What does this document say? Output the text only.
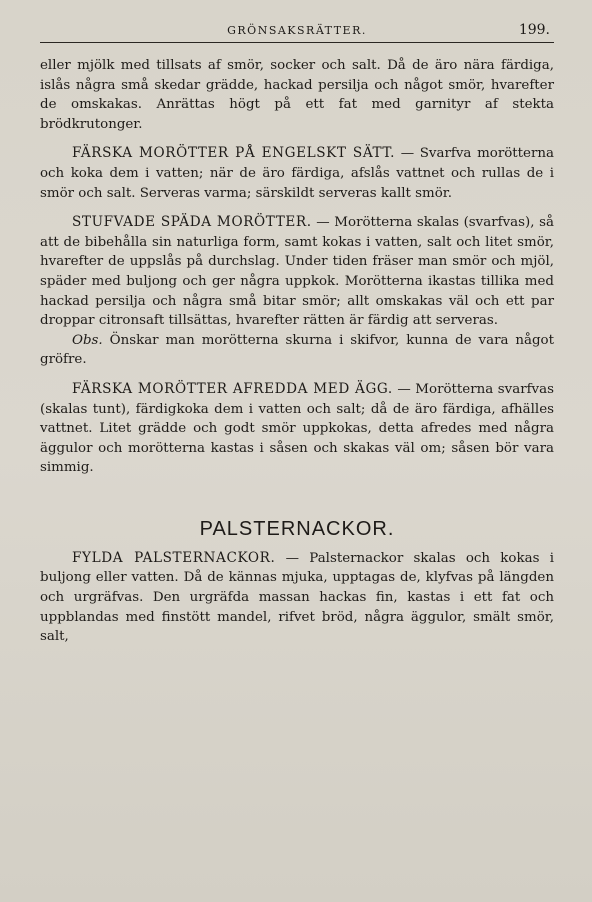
GRÖNSAKSRÄTTER.	199.

eller mjölk med tillsats af smör, socker och salt. Då de äro nära färdiga, islås några små skedar grädde, hackad persilja och något smör, hvarefter de omskakas. Anrättas högt på ett fat med garnityr af stekta brödkrutonger.

FÄRSKA MORÖTTER PÅ ENGELSKT SÄTT. — Svarfva morötterna och koka dem i vatten; när de äro färdiga, afslås vattnet och rullas de i smör och salt. Serveras varma; särskildt serveras kallt smör.

STUFVADE SPÄDA MORÖTTER. — Morötterna skalas (svarfvas), så att de bibehålla sin naturliga form, samt kokas i vatten, salt och litet smör, hvarefter de uppslås på durchslag. Under tiden fräser man smör och mjöl, späder med buljong och ger några uppkok. Morötterna ikastas tillika med hackad persilja och några små bitar smör; allt omskakas väl och ett par droppar citronsaft tillsättas, hvarefter rätten är färdig att serveras.

Obs. Önskar man morötterna skurna i skifvor, kunna de vara något gröfre.

FÄRSKA MORÖTTER AFREDDA MED ÄGG. — Morötterna svarfvas (skalas tunt), färdigkoka dem i vatten och salt; då de äro färdiga, afhälles vattnet. Litet grädde och godt smör uppkokas, detta afredes med några äggulor och morötterna kastas i såsen och skakas väl om; såsen bör vara simmig.

PALSTERNACKOR.

FYLDA PALSTERNACKOR. — Palsternackor skalas och kokas i buljong eller vatten. Då de kännas mjuka, upptagas de, klyfvas på längden och urgräfvas. Den urgräfda massan hackas fin, kastas i ett fat och uppblandas med finstött mandel, rifvet bröd, några äggulor, smält smör, salt,
